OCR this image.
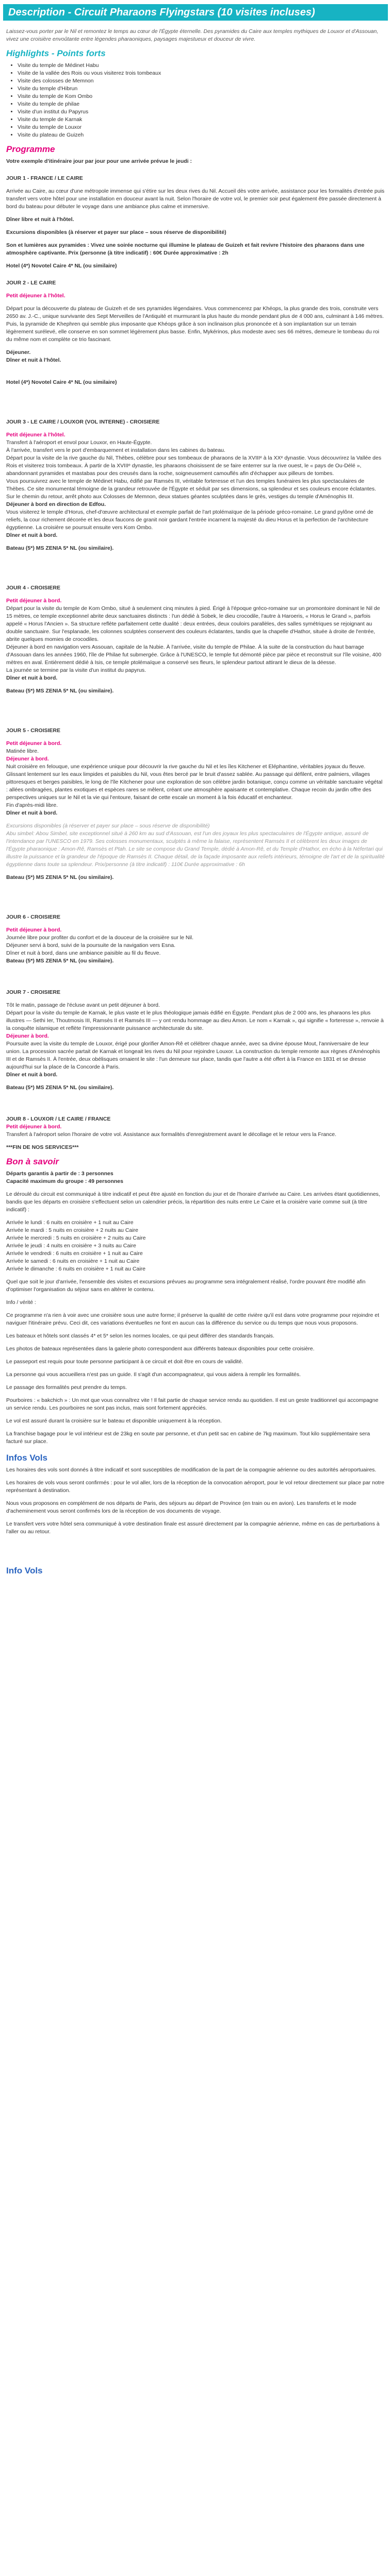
Description - Circuit Pharaons Flyingstars (10 visites incluses)

Laissez-vous porter par le Nil et remontez le temps au cœur de l'Égypte éternelle. Des pyramides du Caire aux temples mythiques de Louxor et d'Assouan, vivez une croisière envoûtante entre légendes pharaoniques, paysages majestueux et douceur de vivre.

Highlights - Points forts
• Visite du temple de Médinet Habu
• Visite de la vallée des Rois ou vous visiterez trois tombeaux
• Visite des colosses de Memnon
• Visite du temple d'Hibrun
• Visite du temple de Kom Ombo
• Visite du temple de philae
• Visite d'un institut du Papyrus
• Visite du temple de Karnak
• Visite du temple de Louxor
• Visite du plateau de Guizeh
Programme

Votre exemple d'itinéraire jour par jour pour une arrivée prévue le jeudi :

JOUR 1 - FRANCE / LE CAIRE

Arrivée au Caire, au cœur d'une métropole immense qui s'étire sur les deux rives du Nil. Accueil dès votre arrivée, assistance pour les formalités d'entrée puis transfert vers votre hôtel pour une installation en douceur avant la nuit. Selon l'horaire de votre vol, le premier soir peut également être passée directement à bord du bateau pour débuter le voyage dans une ambiance plus calme et immersive.

Dîner libre et nuit à l'hôtel.

Excursions disponibles (à réserver et payer sur place – sous réserve de disponibilité)

Son et lumières aux pyramides : Vivez une soirée nocturne qui illumine le plateau de Guizeh et fait revivre l'histoire des pharaons dans une atmosphère captivante. Prix (personne (à titre indicatif) : 60€ Durée approximative : 2h

Hotel (4*) Novotel Caire 4* NL (ou similaire)

JOUR 2 - LE CAIRE

Petit déjeuner à l'hôtel.

Départ pour la découverte du plateau de Guizeh et de ses pyramides légendaires. Vous commencerez par Khéops, la plus grande des trois, construite vers 2650 av. J.-C., unique survivante des Sept Merveilles de l'Antiquité et murmurant la plus haute du monde pendant plus de 4 000 ans, culminant à 146 mètres. Puis, la pyramide de Khephren qui semble plus imposante que Khéops grâce à son inclinaison plus prononcée et à son implantation sur un terrain légèrement surélevé, elle conserve en son sommet légèrement plus basse. Enfin, Mykérinos, plus modeste avec ses 66 mètres, demeure le tombeau du roi du même nom et complète ce trio fascinant.

Déjeuner.

Dîner et nuit à l'hôtel.

Hotel (4*) Novotel Caire 4* NL (ou similaire)

JOUR 3 - LE CAIRE / LOUXOR (VOL INTERNE) - CROISIERE

Petit déjeuner à l'hôtel.

Transfert à l'aéroport et envol pour Louxor, en Haute-Égypte.

À l'arrivée, transfert vers le port d'embarquement et installation dans les cabines du bateau.

Départ pour la visite de la rive gauche du Nil, Thèbes, célèbre pour ses tombeaux de pharaons de la XVIIIᵉ à la XXᵉ dynastie. Vous découvrirez la Vallée des Rois et visiterez trois tombeaux. À partir de la XVIIIᵉ dynastie, les pharaons choisissent de se faire enterrer sur la rive ouest, le « pays de Ou-Délé », abandonnant pyramides et mastabas pour des creusés dans la roche, soigneusement camouflés afin d'échapper aux pilleurs de tombes.

Vous poursuivrez avec le temple de Médinet Habu, édifié par Ramsès III, véritable forteresse et l'un des temples funéraires les plus spectaculaires de Thèbes. Ce site monumental témoigne de la grandeur retrouvée de l'Égypte et séduit par ses dimensions, sa splendeur et ses couleurs encore éclatantes. Sur le chemin du retour, arrêt photo aux Colosses de Memnon, deux statues géantes sculptées dans le grès, vestiges du temple d'Aménophis III.

Déjeuner à bord en direction de Edfou.

Vous visiterez le temple d'Horus, chef-d'œuvre architectural et exemple parfait de l'art ptolémaïque de la période gréco-romaine. Le grand pylône orné de reliefs, la cour richement décorée et les deux faucons de granit noir gardant l'entrée incarnent la majesté du dieu Horus et la perfection de l'architecture égyptienne. La croisière se poursuit ensuite vers Kom Ombo.

Dîner et nuit à bord.

Bateau (5*) MS ZENIA 5* NL (ou similaire).

JOUR 4 - CROISIERE

Petit déjeuner à bord.

Départ pour la visite du temple de Kom Ombo, situé à seulement cinq minutes à pied. Érigé à l'époque gréco-romaine sur un promontoire dominant le Nil de 15 mètres, ce temple exceptionnel abrite deux sanctuaires distincts : l'un dédié à Sobek, le dieu crocodile, l'autre à Haroeris, « Horus le Grand », parfois appelé « Horus l'Ancien ». Sa structure reflète parfaitement cette dualité : deux entrées, deux couloirs parallèles, des salles symétriques se rejoignant au double sanctuaire. Sur l'esplanade, les colonnes sculptées conservent des couleurs éclatantes, tandis que la chapelle d'Hathor, située à droite de l'entrée, abrite quelques momies de crocodiles.

Déjeuner à bord en navigation vers Assouan, capitale de la Nubie. À l'arrivée, visite du temple de Philae. À la suite de la construction du haut barrage d'Assouan dans les années 1960, l'île de Philae fut submergée. Grâce à l'UNESCO, le temple fut démonté pièce par pièce et reconstruit sur l'île voisine, 400 mètres en aval. Entièrement dédié à Isis, ce temple ptolémaïque a conservé ses fleurs, le splendeur partout attirant le dieux de la déesse.

La journée se termine par la visite d'un institut du papyrus.

Dîner et nuit à bord.

Bateau (5*) MS ZENIA 5* NL (ou similaire).

JOUR 5 - CROISIERE

Petit déjeuner à bord.

Matinée libre.

Déjeuner à bord.

Nuit croisière en felouque, une expérience unique pour découvrir la rive gauche du Nil et les îles Kitchener et Eléphantine, véritables joyaux du fleuve. Glissant lentement sur les eaux limpides et paisibles du Nil, vous êtes bercé par le bruit d'assez sablée. Au passage qui défilent, entre palmiers, villages pittoresques et berges paisibles, le long de l'île Kitchener pour une exploration de son célèbre jardin botanique, conçu comme un véritable sanctuaire végétal : allées ombragées, plantes exotiques et espèces rares se mêlent, créant une atmosphère apaisante et contemplative. Chaque recoin du jardin offre des perspectives uniques sur le Nil et la vie qui l'entoure, faisant de cette escale un moment à la fois éducatif et enchanteur.

Fin d'après-midi libre.

Dîner et nuit à bord.

Excursions disponibles (à réserver et payer sur place – sous réserve de disponibilité)

Abu simbel: Abou Simbel, site exceptionnel situé à 260 km au sud d'Assouan, est l'un des joyaux les plus spectaculaires de l'Égypte antique, assuré de l'intendance par l'UNESCO en 1979. Ses colosses monumentaux, sculptés à même la falaise, représentent Ramsès II et célèbrent les deux images de l'Égypte pharaonique : Amon-Rê, Ramsès et Ptah. Le site se compose du Grand Temple, dédié à Amon-Rê, et du Temple d'Hathor, en écho à la Néfertari qui illustre la puissance et la grandeur de l'époque de Ramsès II. Chaque détail, de la façade imposante aux reliefs intérieurs, témoigne de l'art et de la spiritualité égyptienne dans toute sa splendeur. Prix/personne (à titre indicatif) : 110€ Durée approximative : 6h

Bateau (5*) MS ZENIA 5* NL (ou similaire).

JOUR 6 - CROISIERE

Petit déjeuner à bord.

Journée libre pour profiter du confort et de la douceur de la croisière sur le Nil.

Déjeuner servi à bord, suivi de la poursuite de la navigation vers Esna.

Dîner et nuit à bord, dans une ambiance paisible au fil du fleuve.

Bateau (5*) MS ZENIA 5* NL (ou similaire).

JOUR 7 - CROISIERE

Tôt le matin, passage de l'écluse avant un petit déjeuner à bord.

Départ pour la visite du temple de Karnak, le plus vaste et le plus théologique jamais édifié en Égypte. Pendant plus de 2 000 ans, les pharaons les plus illustres — Sethi Ier, Thoutmosis III, Ramsès II et Ramsès III — y ont rendu hommage au dieu Amon. Le nom « Karnak », qui signifie « forteresse », renvoie à la conquête islamique et reflète l'impressionnante puissance architecturale du site.

Déjeuner à bord.

Poursuite avec la visite du temple de Louxor, érigé pour glorifier Amon-Rê et célébrer chaque année, avec sa divine épouse Mout, l'anniversaire de leur union. La procession sacrée partait de Karnak et longeait les rives du Nil pour rejoindre Louxor. La construction du temple remonte aux règnes d'Aménophis III et de Ramsès II. À l'entrée, deux obélisques ornaient le site : l'un demeure sur place, tandis que l'autre a été offert à la France en 1831 et se dresse aujourd'hui sur la place de la Concorde à Paris.

Dîner et nuit à bord.

Bateau (5*) MS ZENIA 5* NL (ou similaire).

JOUR 8 - LOUXOR / LE CAIRE / FRANCE

Petit déjeuner à bord.

Transfert à l'aéroport selon l'horaire de votre vol. Assistance aux formalités d'enregistrement avant le décollage et le retour vers la France.

***FIN DE NOS SERVICES***

Bon à savoir

Départs garantis à partir de : 3 personnes

Capacité maximum du groupe : 49 personnes

Le déroulé du circuit est communiqué à titre indicatif et peut être ajusté en fonction du jour et de l'horaire d'arrivée au Caire. Les arrivées étant quotidiennes, bandis que les départs en croisière s'effectuent selon un calendrier précis, la répartition des nuits entre Le Caire et la croisière varie comme suit (à titre indicatif) :

Arrivée le lundi : 6 nuits en croisière + 1 nuit au Caire

Arrivée le mardi : 5 nuits en croisière + 2 nuits au Caire

Arrivée le mercredi : 5 nuits en croisière + 2 nuits au Caire

Arrivée le jeudi : 4 nuits en croisière + 3 nuits au Caire

Arrivée le vendredi : 6 nuits en croisière + 1 nuit au Caire

Arrivée le samedi : 6 nuits en croisière + 1 nuit au Caire

Arrivée le dimanche : 6 nuits en croisière + 1 nuit au Caire

Quel que soit le jour d'arrivée, l'ensemble des visites et excursions prévues au programme sera intégralement réalisé, l'ordre pouvant être modifié afin d'optimiser l'organisation du séjour sans en altérer le contenu.

Info / vérité :

Ce programme n'a rien à voir avec une croisière sous une autre forme; il préserve la qualité de cette rivière qu'il est dans votre programme pour rejoindre et naviguer l'itinéraire prévu. Ceci dit, ces variations éventuelles ne font en aucun cas la différence du service ou du temps que nous vous proposons.

Les bateaux et hôtels sont classés 4* et 5* selon les normes locales, ce qui peut différer des standards français.

Les photos de bateaux représentées dans la galerie photo correspondent aux différents bateaux disponibles pour cette croisière.

Le passeport est requis pour toute personne participant à ce circuit et doit être en cours de validité.

La personne qui vous accueillera n'est pas un guide. Il s'agit d'un accompagnateur, qui vous aidera à remplir les formalités.

Le passage des formalités peut prendre du temps.

Pourboires : « bakchich » : Un mot que vous connaîtrez vite ! Il fait partie de chaque service rendu au quotidien. Il est un geste traditionnel qui accompagne un service rendu. Les pourboires ne sont pas inclus, mais sont fortement appréciés.

Le vol est assuré durant la croisière sur le bateau et disponible uniquement à la réception.

La franchise bagage pour le vol intérieur est de 23kg en soute par personne, et d'un petit sac en cabine de 7kg maximum. Tout kilo supplémentaire sera facturé sur place.

Infos Vols

Les horaires des vols sont donnés à titre indicatif et sont susceptibles de modification de la part de la compagnie aérienne ou des autorités aéroportuaires.

Les horaires de vols vous seront confirmés : pour le vol aller, lors de la réception de la convocation aéroport, pour le vol retour directement sur place par notre représentant à destination.

Nous vous proposons en complément de nos départs de Paris, des séjours au départ de Province (en train ou en avion). Les transferts et le mode d'acheminement vous seront confirmés lors de la réception de vos documents de voyage.

Le transfert vers votre hôtel sera communiqué à votre destination finale est assuré directement par la compagnie aérienne, même en cas de perturbations à l'aller ou au retour.

Info Vols
